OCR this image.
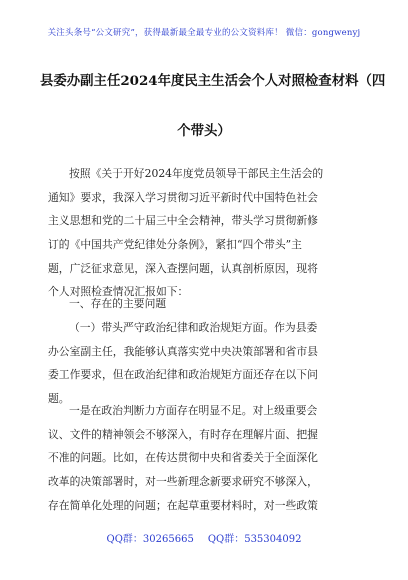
关注头条号“公文研究”，获得最新最全最专业的公文资料库！ 微信：gongwenyj
县委办副主任2024年度民主生活会个人对照检查材料（四
个带头）
按照《关于开好2024年度党员领导干部民主生活会的
通知》要求，我深入学习贯彻习近平新时代中国特色社会
主义思想和党的二十届三中全会精神，带头学习贯彻新修
订的《中国共产党纪律处分条例》，紧扣“四个带头”主
题，广泛征求意见，深入查摆问题，认真剖析原因，现将
个人对照检查情况汇报如下：
一、存在的主要问题
（一）带头严守政治纪律和政治规矩方面。作为县委
办公室副主任，我能够认真落实党中央决策部署和省市县
委工作要求，但在政治纪律和政治规矩方面还存在以下问
题。
一是在政治判断力方面存在明显不足。对上级重要会
议、文件的精神领会不够深入，有时存在理解片面、把握
不准的问题。比如，在传达贯彻中央和省委关于全面深化
改革的决策部署时，对一些新理念新要求研究不够深入，
存在简单化处理的问题；在起草重要材料时，对一些政策
QQ群：30265665 QQ群：535304092
